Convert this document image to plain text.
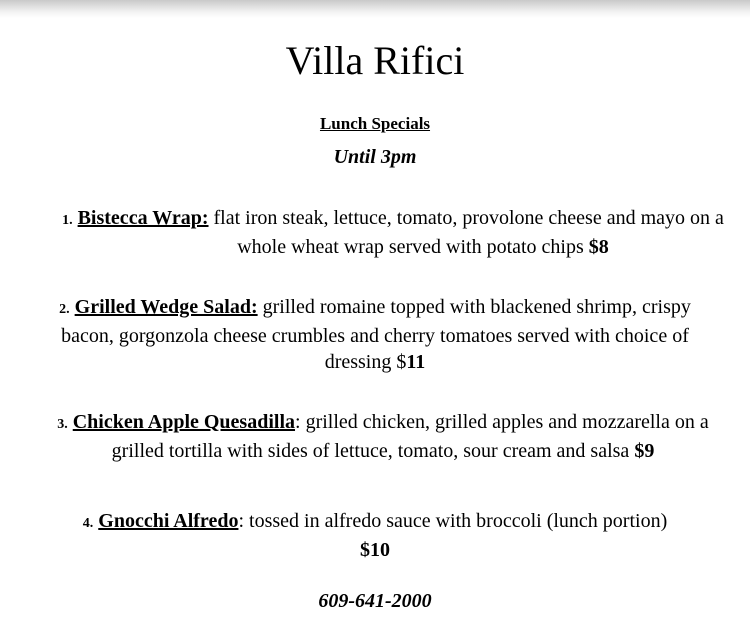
Villa Rifici
Lunch Specials
Until 3pm
1. Bistecca Wrap: flat iron steak, lettuce, tomato, provolone cheese and mayo on a whole wheat wrap served with potato chips $8
2. Grilled Wedge Salad: grilled romaine topped with blackened shrimp, crispy bacon, gorgonzola cheese crumbles and cherry tomatoes served with choice of dressing $11
3. Chicken Apple Quesadilla: grilled chicken, grilled apples and mozzarella on a grilled tortilla with sides of lettuce, tomato, sour cream and salsa $9
4. Gnocchi Alfredo: tossed in alfredo sauce with broccoli (lunch portion)
$10
609-641-2000
